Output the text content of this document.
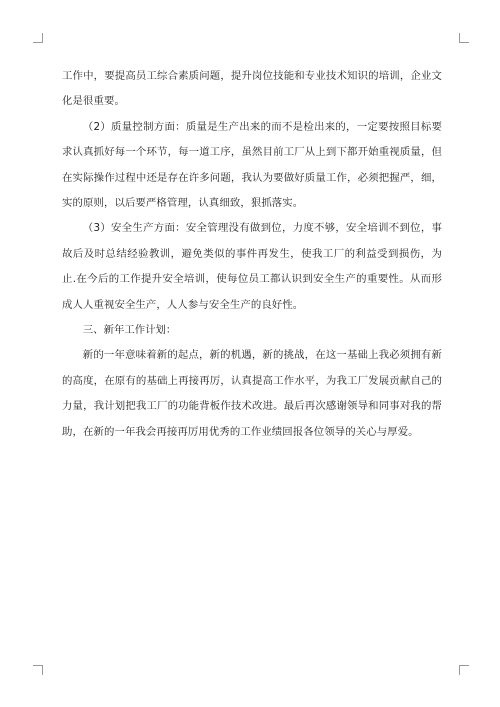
工作中，要提高员工综合素质问题，提升岗位技能和专业技术知识的培训，企业文化是很重要。

（2）质量控制方面：质量是生产出来的而不是检出来的，一定要按照目标要求认真抓好每一个环节，每一道工序，虽然目前工厂从上到下都开始重视质量，但在实际操作过程中还是存在许多问题，我认为要做好质量工作，必须把握严，细，实的原则，以后要严格管理，认真细致，狠抓落实。

（3）安全生产方面：安全管理没有做到位，力度不够，安全培训不到位，事故后及时总结经验教训，避免类似的事件再发生，使我工厂的利益受到损伤，为止.在今后的工作提升安全培训，使每位员工都认识到安全生产的重要性。从而形成人人重视安全生产，人人参与安全生产的良好性。

三、新年工作计划：

新的一年意味着新的起点，新的机遇，新的挑战，在这一基础上我必须拥有新的高度，在原有的基础上再接再厉，认真提高工作水平，为我工厂发展贡献自己的力量，我计划把我工厂的功能背板作技术改进。最后再次感谢领导和同事对我的帮助，在新的一年我会再接再厉用优秀的工作业绩回报各位领导的关心与厚爱。
